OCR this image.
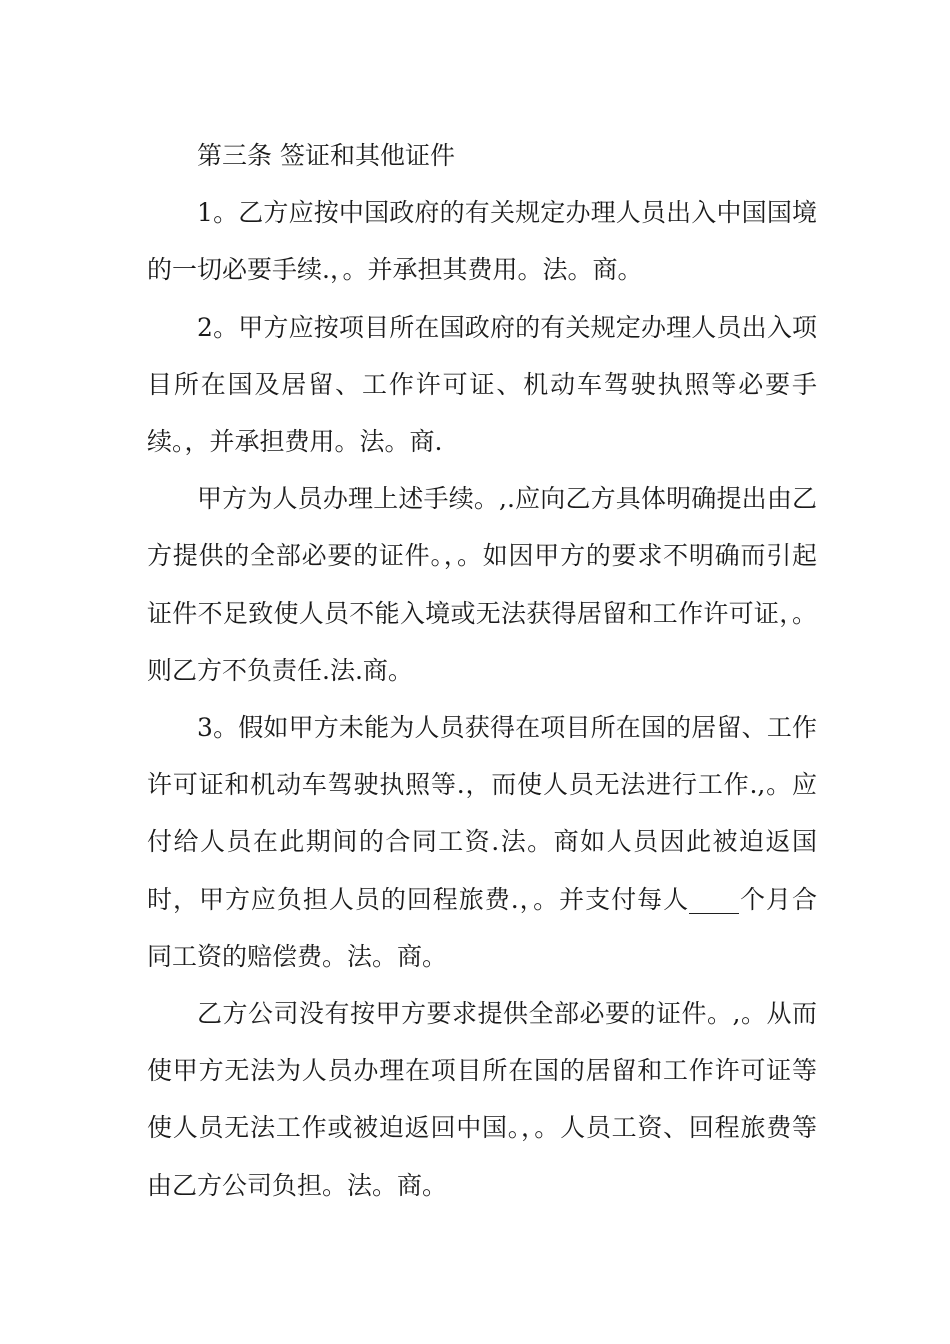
第三条 签证和其他证件

1。乙方应按中国政府的有关规定办理人员出入中国国境的一切必要手续.，。并承担其费用。法。商。

2。甲方应按项目所在国政府的有关规定办理人员出入项目所在国及居留、工作许可证、机动车驾驶执照等必要手续。，并承担费用。法。商.

甲方为人员办理上述手续。,.应向乙方具体明确提出由乙方提供的全部必要的证件。，。如因甲方的要求不明确而引起证件不足致使人员不能入境或无法获得居留和工作许可证，。则乙方不负责任.法.商。

3。假如甲方未能为人员获得在项目所在国的居留、工作许可证和机动车驾驶执照等.，而使人员无法进行工作.,。应付给人员在此期间的合同工资.法。商如人员因此被迫返国时，甲方应负担人员的回程旅费.，。并支付每人____个月合同工资的赔偿费。法。商。

乙方公司没有按甲方要求提供全部必要的证件。,。从而使甲方无法为人员办理在项目所在国的居留和工作许可证等使人员无法工作或被迫返回中国。，。人员工资、回程旅费等由乙方公司负担。法。商。
